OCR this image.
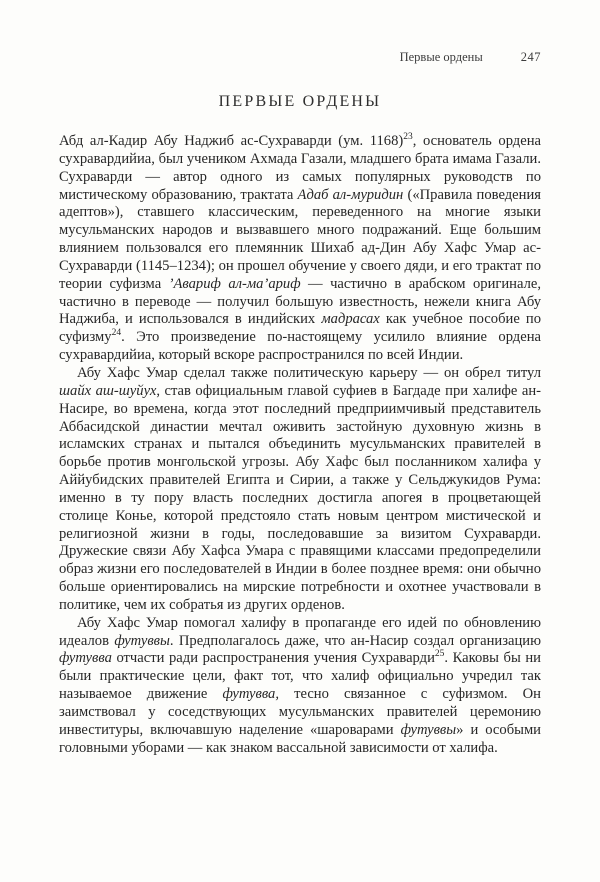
Первые ордены	247
ПЕРВЫЕ ОРДЕНЫ

Абд ал-Кадир Абу Наджиб ас-Сухраварди (ум. 1168)$^{23}$, основатель ордена сухравардийиа, был учеником Ахмада Газали, младшего брата имама Газали. Сухраварди — автор одного из самых популярных руководств по мистическому образованию, трактата Адаб ал-муридин («Правила поведения адептов»), ставшего классическим, переведенного на многие языки мусульманских народов и вызвавшего много подражаний. Еще большим влиянием пользовался его племянник Шихаб ад-Дин Абу Хафс Умар ас-Сухраварди (1145–1234); он прошел обучение у своего дяди, и его трактат по теории суфизма ’Авариф ал-ма’ариф — частично в арабском оригинале, частично в переводе — получил большую известность, нежели книга Абу Наджиба, и использовался в индийских мадрасах как учебное пособие по суфизму$^{24}$. Это произведение по-настоящему усилило влияние ордена сухравардийиа, который вскоре распространился по всей Индии.

Абу Хафс Умар сделал также политическую карьеру — он обрел титул шайх аш-шуйух, став официальным главой суфиев в Багдаде при халифе ан-Насире, во времена, когда этот последний предприимчивый представитель Аббасидской династии мечтал оживить застойную духовную жизнь в исламских странах и пытался объединить мусульманских правителей в борьбе против монгольской угрозы. Абу Хафс был посланником халифа у Аййубидских правителей Египта и Сирии, а также у Сельджукидов Рума: именно в ту пору власть последних достигла апогея в процветающей столице Конье, которой предстояло стать новым центром мистической и религиозной жизни в годы, последовавшие за визитом Сухраварди. Дружеские связи Абу Хафса Умара с правящими классами предопределили образ жизни его последователей в Индии в более позднее время: они обычно больше ориентировались на мирские потребности и охотнее участвовали в политике, чем их собратья из других орденов.

Абу Хафс Умар помогал халифу в пропаганде его идей по обновлению идеалов футуввы. Предполагалось даже, что ан-Насир создал организацию футувва отчасти ради распространения учения Сухраварди$^{25}$. Каковы бы ни были практические цели, факт тот, что халиф официально учредил так называемое движение футувва, тесно связанное с суфизмом. Он заимствовал у соседствующих мусульманских правителей церемонию инвеституры, включавшую наделение «шароварами футуввы» и особыми головными уборами — как знаком вассальной зависимости от халифа.
